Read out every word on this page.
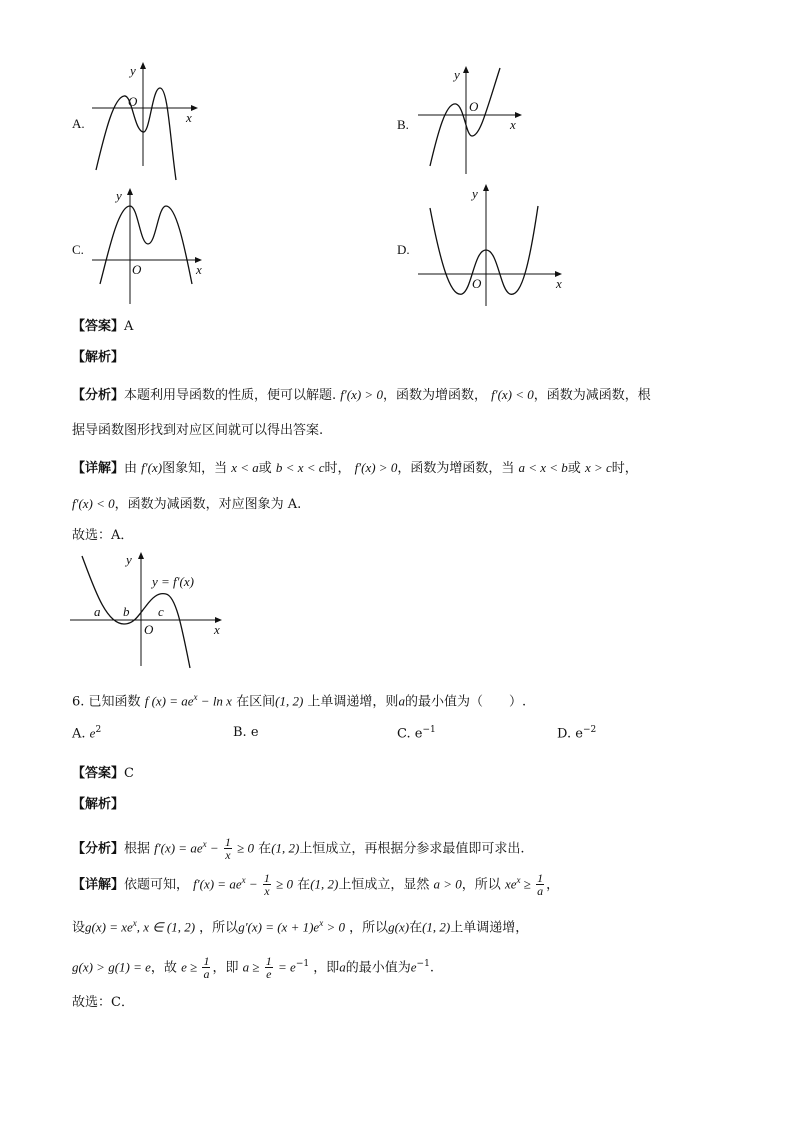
A.
y
x
O
B.
y
x
O
C.
y
x
O
D.
y
x
O
【答案】A
【解析】
【分析】本题利用导函数的性质，便可以解题. f′(x) > 0，函数为增函数， f′(x) < 0，函数为减函数，根
据导函数图形找到对应区间就可以得出答案.
【详解】由 f′(x)图象知，当 x < a或 b < x < c时， f′(x) > 0，函数为增函数，当 a < x < b或 x > c时，
f′(x) < 0，函数为减函数，对应图象为 A.
故选：A．
y
x
O
y = f′(x)
a b c
6. 已知函数 f $(x) = ae^x - \ln x$ 在区间(1, 2) 上单调递增，则a的最小值为（　　）.
A. $e^2$	B. e	C. $e^{-1}$	D. $e^{-2}$
【答案】C
【解析】
【分析】根据 $f'(x) = ae^x - \frac{1}{x} \ge 0$ 在(1, 2)上恒成立，再根据分参求最值即可求出.
【详解】依题可知， $f'(x) = ae^x - \frac{1}{x} \ge 0$ 在(1, 2)上恒成立，显然 a > 0，所以 $xe^x \ge \frac{1}{a}$ ，
设$g(x) = xe^x$, x ∈ (1, 2) ，所以$g'(x) = (x + 1)e^x > 0$ ，所以g(x)在(1, 2)上单调递增，
g(x) > g(1) = e，故 $e \ge \frac{1}{a}$ ，即 $a \ge \frac{1}{e} = e^{-1}$ ，即a的最小值为$e^{-1}$.
故选：C．
